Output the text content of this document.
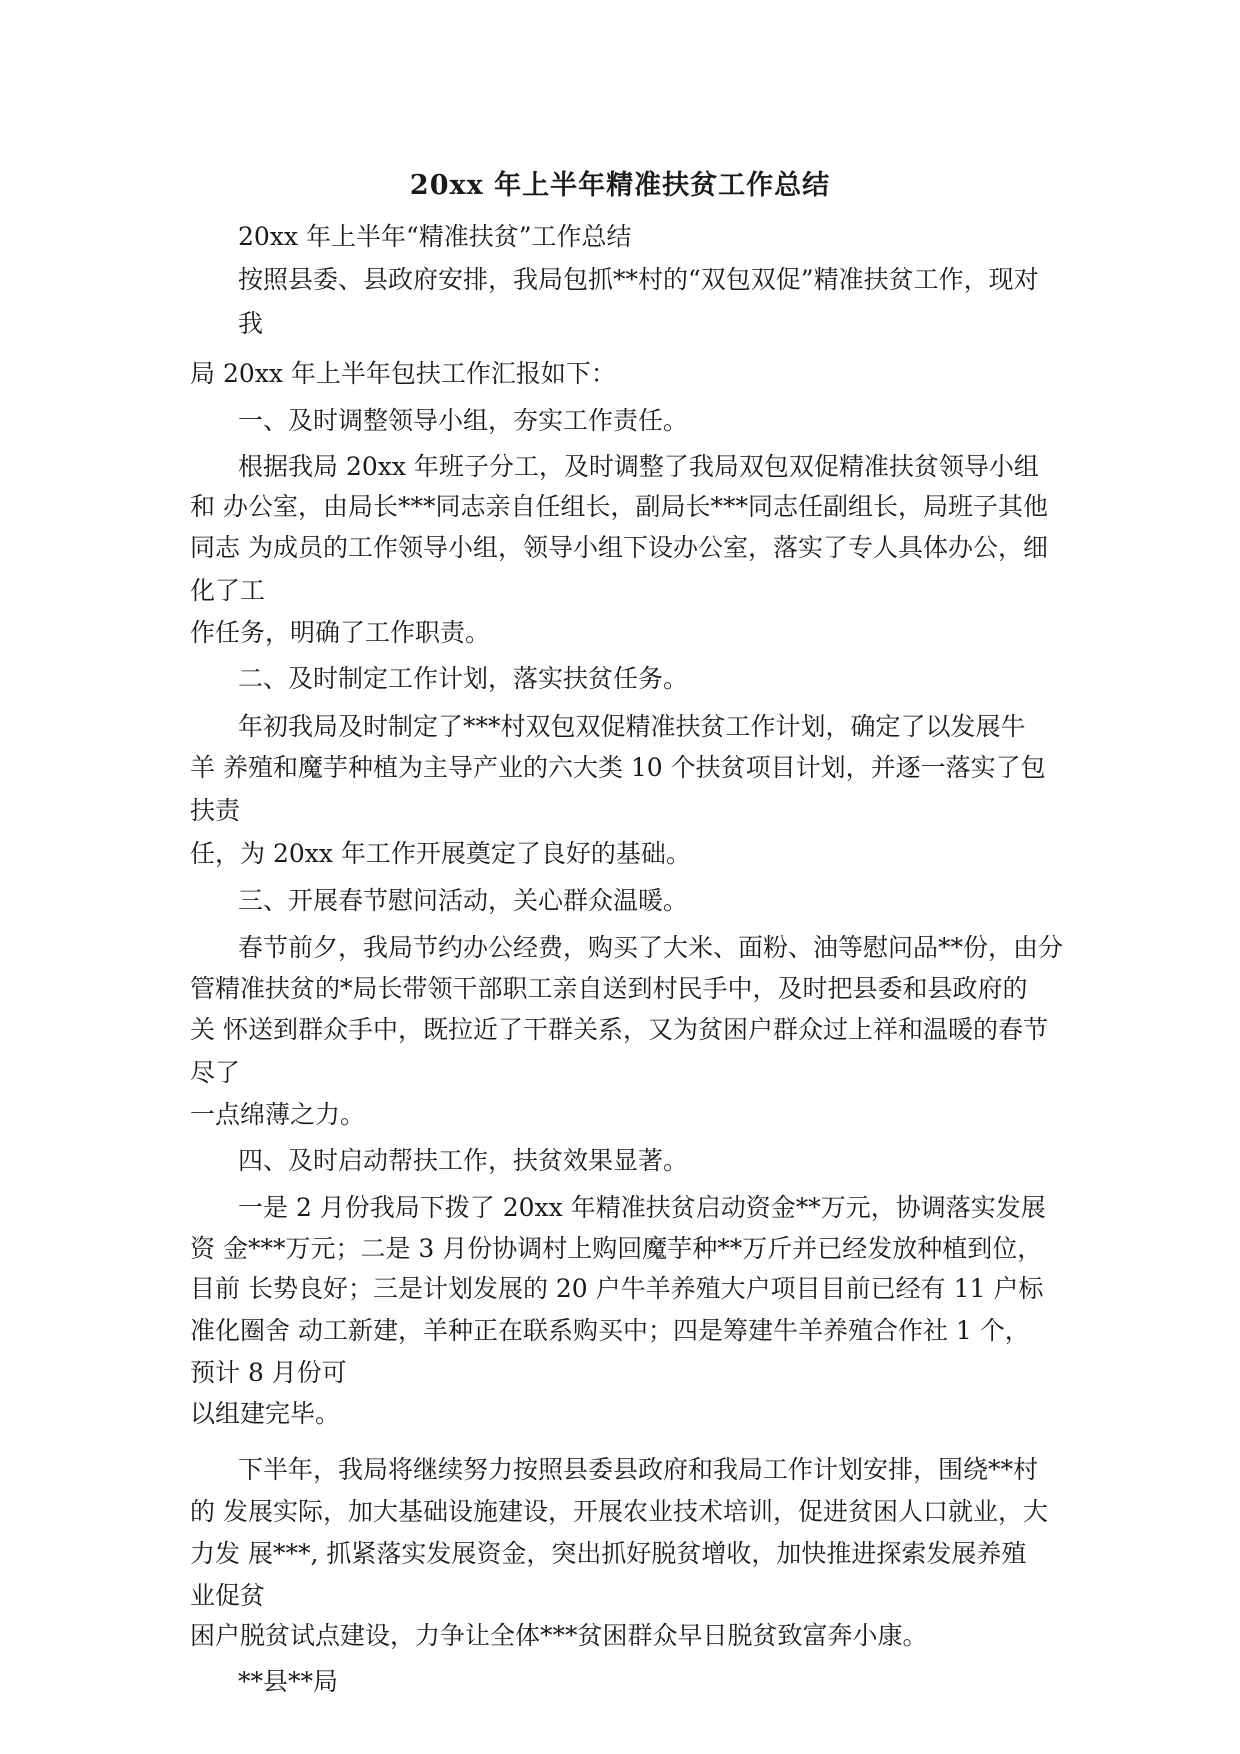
20xx 年上半年精准扶贫工作总结
20xx 年上半年“精准扶贫”工作总结
按照县委、县政府安排，我局包抓**村的“双包双促”精准扶贫工作，现对
我
局 20xx 年上半年包扶工作汇报如下：
一、及时调整领导小组，夯实工作责任。
根据我局 20xx 年班子分工，及时调整了我局双包双促精准扶贫领导小组
和 办公室，由局长***同志亲自任组长，副局长***同志任副组长，局班子其他
同志 为成员的工作领导小组，领导小组下设办公室，落实了专人具体办公，细
化了工
作任务，明确了工作职责。
二、及时制定工作计划，落实扶贫任务。
年初我局及时制定了***村双包双促精准扶贫工作计划，确定了以发展牛
羊 养殖和魔芋种植为主导产业的六大类 10 个扶贫项目计划，并逐一落实了包
扶责
任，为 20xx 年工作开展奠定了良好的基础。
三、开展春节慰问活动，关心群众温暖。
春节前夕，我局节约办公经费，购买了大米、面粉、油等慰问品**份，由分
管精准扶贫的*局长带领干部职工亲自送到村民手中，及时把县委和县政府的
关 怀送到群众手中，既拉近了干群关系，又为贫困户群众过上祥和温暖的春节
尽了
一点绵薄之力。
四、及时启动帮扶工作，扶贫效果显著。
一是 2 月份我局下拨了 20xx 年精准扶贫启动资金**万元，协调落实发展
资 金***万元；二是 3 月份协调村上购回魔芋种**万斤并已经发放种植到位，
目前 长势良好；三是计划发展的 20 户牛羊养殖大户项目目前已经有 11 户标
准化圈舍 动工新建，羊种正在联系购买中；四是筹建牛羊养殖合作社 1 个，
预计 8 月份可
以组建完毕。
下半年，我局将继续努力按照县委县政府和我局工作计划安排，围绕**村
的 发展实际，加大基础设施建设，开展农业技术培训，促进贫困人口就业，大
力发 展***, 抓紧落实发展资金，突出抓好脱贫增收，加快推进探索发展养殖
业促贫
困户脱贫试点建设，力争让全体***贫困群众早日脱贫致富奔小康。
**县**局
